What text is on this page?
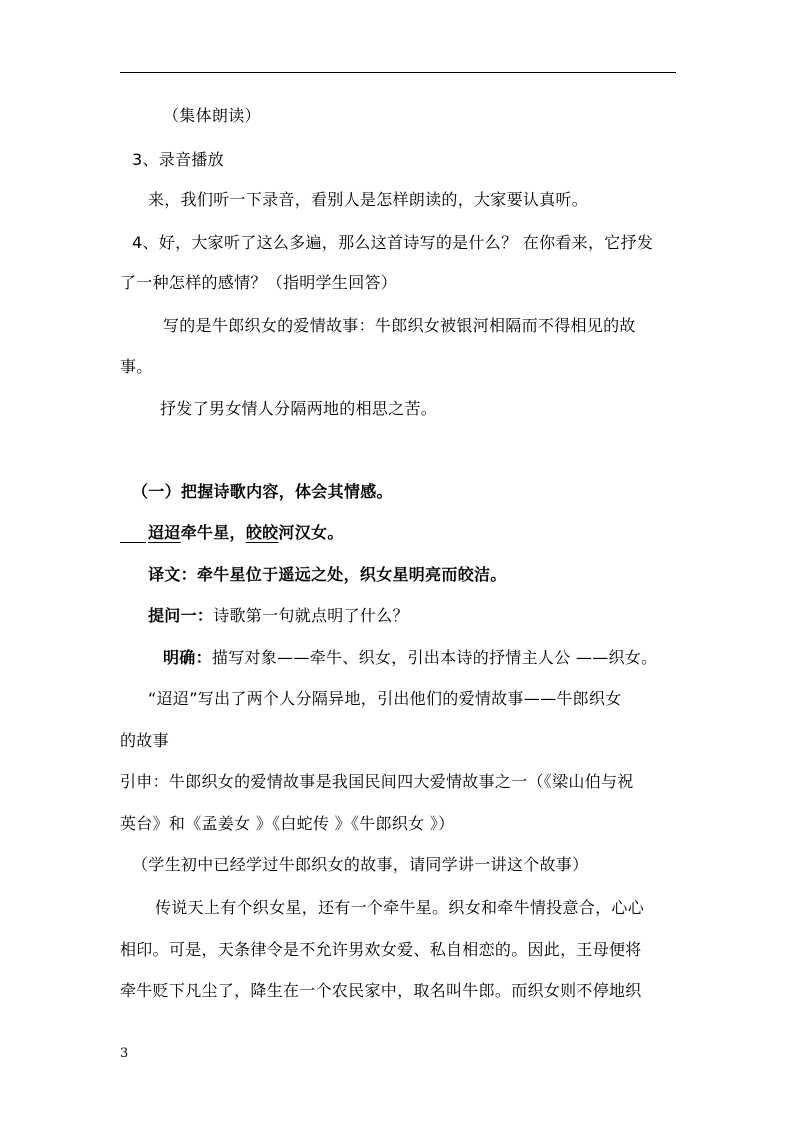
（集体朗读）
3、录音播放
来，我们听一下录音，看别人是怎样朗读的，大家要认真听。
4、好，大家听了这么多遍，那么这首诗写的是什么？ 在你看来，它抒发
了一种怎样的感情？（指明学生回答）
写的是牛郎织女的爱情故事：牛郎织女被银河相隔而不得相见的故
事。
抒发了男女情人分隔两地的相思之苦。
（一）把握诗歌内容，体会其情感。
迢迢牵牛星，皎皎河汉女。
译文：牵牛星位于遥远之处，织女星明亮而皎洁。
提问一：诗歌第一句就点明了什么？
明确：描写对象——牵牛、织女，引出本诗的抒情主人公 ——织女。
“迢迢”写出了两个人分隔异地，引出他们的爱情故事——牛郎织女
的故事
引申：牛郎织女的爱情故事是我国民间四大爱情故事之一（《梁山伯与祝
英台》和《孟姜女 》《白蛇传 》《牛郎织女 》）
（学生初中已经学过牛郎织女的故事，请同学讲一讲这个故事）
传说天上有个织女星，还有一个牵牛星。织女和牵牛情投意合，心心
相印。可是，天条律令是不允许男欢女爱、私自相恋的。因此，王母便将
牵牛贬下凡尘了，降生在一个农民家中，取名叫牛郎。而织女则不停地织
3
